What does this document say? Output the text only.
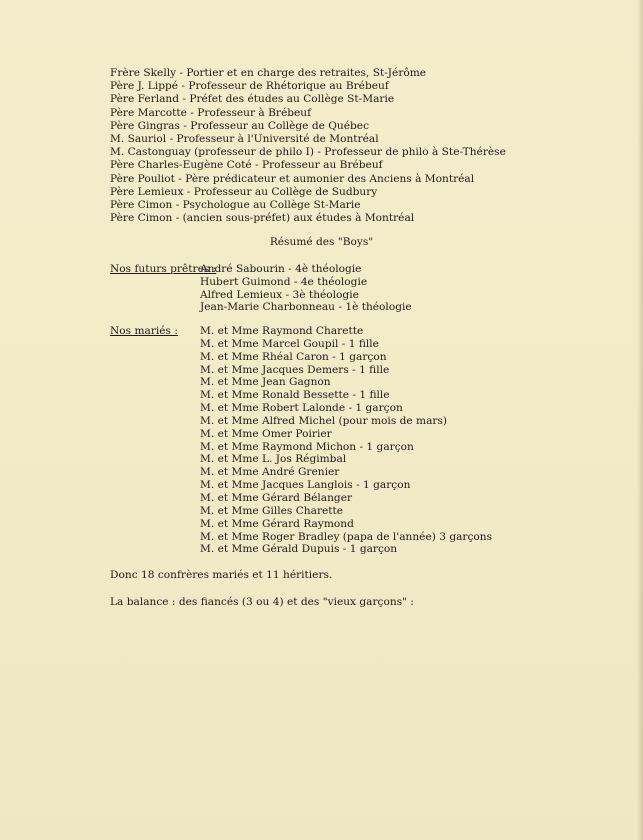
Frère Skelly - Portier et en charge des retraites, St-Jérôme
Père J. Lippé - Professeur de Rhétorique au Brébeuf
Père Ferland - Préfet des études au Collège St-Marie
Père Marcotte - Professeur à Brébeuf
Père Gingras - Professeur au Collège de Québec
M. Sauriol - Professeur à l'Université de Montréal
M. Castonguay (professeur de philo I) - Professeur de philo à Ste-Thérèse
Père Charles-Eugène Coté - Professeur au Brébeuf
Père Pouliot - Père prédicateur et aumonier des Anciens à Montréal
Père Lemieux - Professeur au Collège de Sudbury
Père Cimon - Psychologue au Collège St-Marie
Père Cimon - (ancien sous-préfet) aux études à Montréal
Résumé des "Boys"
Nos futurs prêtres :
André Sabourin - 4è théologie
Hubert Guimond - 4e théologie
Alfred Lemieux - 3è théologie
Jean-Marie Charbonneau - 1è théologie
Nos mariés : M. et Mme Raymond Charette
M. et Mme Marcel Goupil - 1 fille
M. et Mme Rhéal Caron - 1 garçon
M. et Mme Jacques Demers - 1 fille
M. et Mme Jean Gagnon
M. et Mme Ronald Bessette - 1 fille
M. et Mme Robert Lalonde - 1 garçon
M. et Mme Alfred Michel (pour mois de mars)
M. et Mme Omer Poirier
M. et Mme Raymond Michon - 1 garçon
M. et Mme L. Jos Régimbal
M. et Mme André Grenier
M. et Mme Jacques Langlois - 1 garçon
M. et Mme Gérard Bélanger
M. et Mme Gilles Charette
M. et Mme Gérard Raymond
M. et Mme Roger Bradley (papa de l'année) 3 garçons
M. et Mme Gérald Dupuis - 1 garçon
Donc 18 confrères mariés et 11 héritiers.
La balance : des fiancés (3 ou 4) et des "vieux garçons" :
